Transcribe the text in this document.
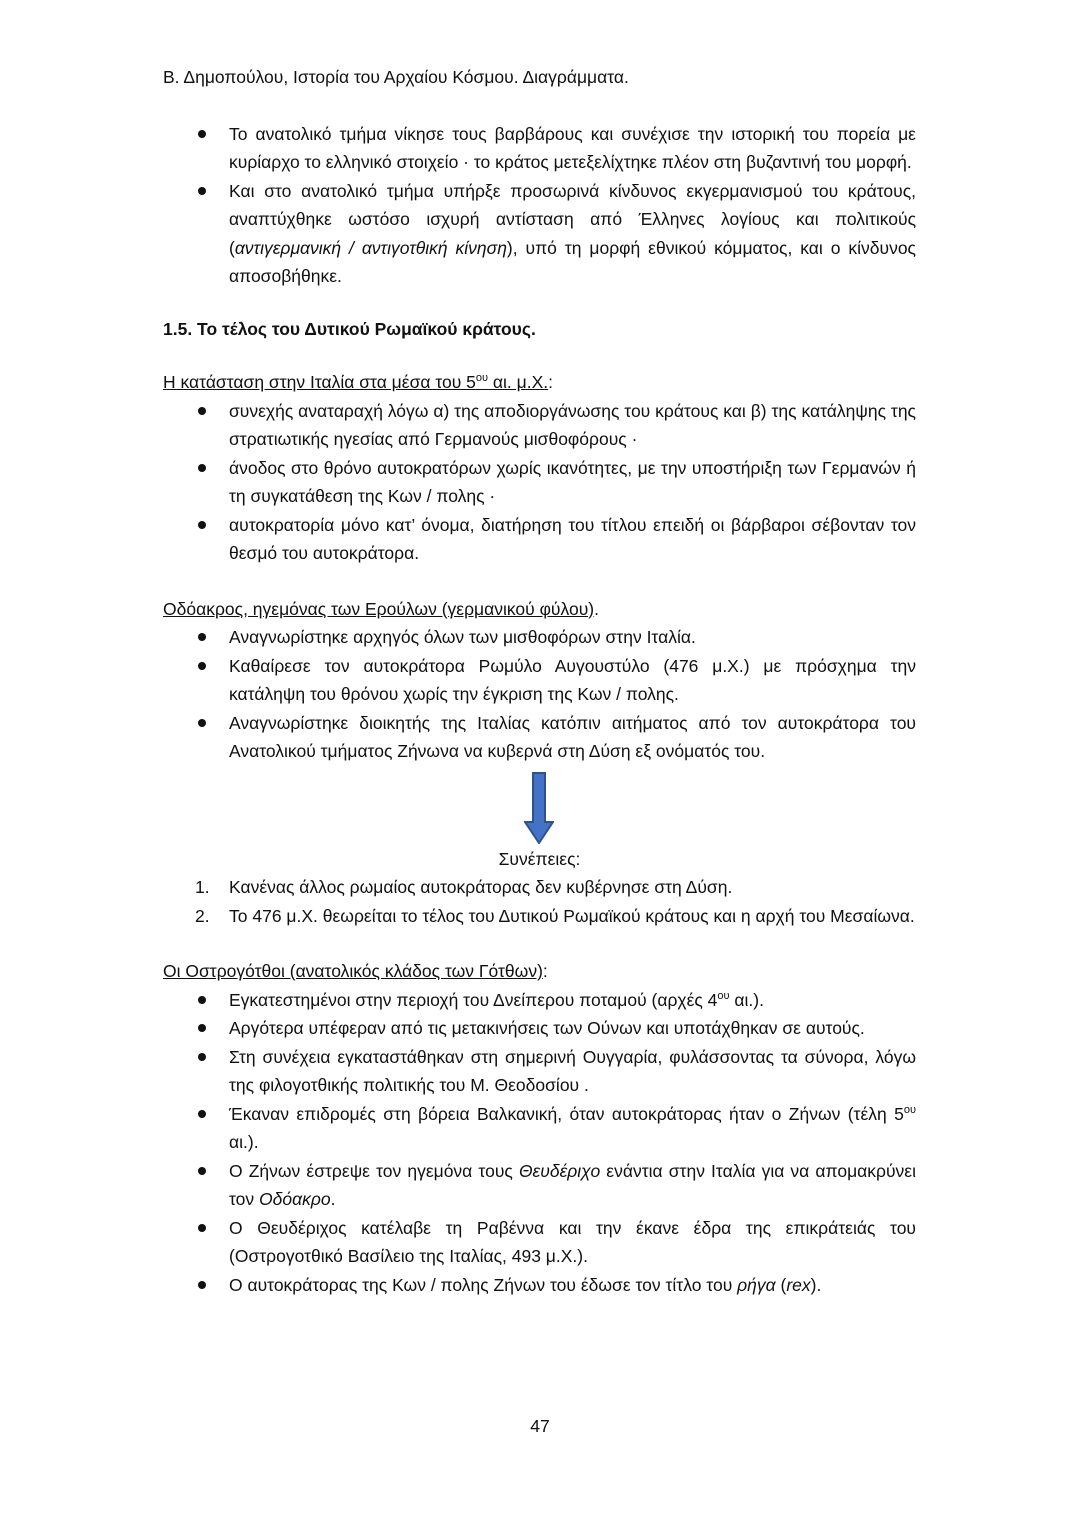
Β. Δημοπούλου, Ιστορία του Αρχαίου Κόσμου. Διαγράμματα.

Το ανατολικό τμήμα νίκησε τους βαρβάρους και συνέχισε την ιστορική του πορεία με κυρίαρχο το ελληνικό στοιχείο · το κράτος μετεξελίχτηκε πλέον στη βυζαντινή του μορφή.
Και στο ανατολικό τμήμα υπήρξε προσωρινά κίνδυνος εκγερμανισμού του κράτους, αναπτύχθηκε ωστόσο ισχυρή αντίσταση από Έλληνες λογίους και πολιτικούς (αντιγερμανική / αντιγοτθική κίνηση), υπό τη μορφή εθνικού κόμματος, και ο κίνδυνος αποσοβήθηκε.

1.5. Το τέλος του Δυτικού Ρωμαϊκού κράτους.

Η κατάσταση στην Ιταλία στα μέσα του $5^{o\upsilon}$ αι. μ.Χ.:

συνεχής αναταραχή λόγω α) της αποδιοργάνωσης του κράτους και β) της κατάληψης της στρατιωτικής ηγεσίας από Γερμανούς μισθοφόρους ·
άνοδος στο θρόνο αυτοκρατόρων χωρίς ικανότητες, με την υποστήριξη των Γερμανών ή τη συγκατάθεση της Κων / πολης ·
αυτοκρατορία μόνο κατ’ όνομα, διατήρηση του τίτλου επειδή οι βάρβαροι σέβονταν τον θεσμό του αυτοκράτορα.

Οδόακρος, ηγεμόνας των Ερούλων (γερμανικού φύλου).

Αναγνωρίστηκε αρχηγός όλων των μισθοφόρων στην Ιταλία.
Καθαίρεσε τον αυτοκράτορα Ρωμύλο Αυγουστύλο (476 μ.Χ.) με πρόσχημα την κατάληψη του θρόνου χωρίς την έγκριση της Κων / πολης.
Αναγνωρίστηκε διοικητής της Ιταλίας κατόπιν αιτήματος από τον αυτοκράτορα του Ανατολικού τμήματος Ζήνωνα να κυβερνά στη Δύση εξ ονόματός του.

Συνέπειες:

1. Κανένας άλλος ρωμαίος αυτοκράτορας δεν κυβέρνησε στη Δύση.
2. Το 476 μ.Χ. θεωρείται το τέλος του Δυτικού Ρωμαϊκού κράτους και η αρχή του Μεσαίωνα.

Οι Οστρογότθοι (ανατολικός κλάδος των Γότθων):

Εγκατεστημένοι στην περιοχή του Δνείπερου ποταμού (αρχές $4^{o\upsilon}$ αι.).
Αργότερα υπέφεραν από τις μετακινήσεις των Ούνων και υποτάχθηκαν σε αυτούς.
Στη συνέχεια εγκαταστάθηκαν στη σημερινή Ουγγαρία, φυλάσσοντας τα σύνορα, λόγω της φιλογοτθικής πολιτικής του Μ. Θεοδοσίου .
Έκαναν επιδρομές στη βόρεια Βαλκανική, όταν αυτοκράτορας ήταν ο Ζήνων (τέλη $5^{o\upsilon}$ αι.).
Ο Ζήνων έστρεψε τον ηγεμόνα τους Θευδέριχο ενάντια στην Ιταλία για να απομακρύνει τον Οδόακρο.
Ο Θευδέριχος κατέλαβε τη Ραβέννα και την έκανε έδρα της επικράτειάς του (Οστρογοτθικό Βασίλειο της Ιταλίας, 493 μ.Χ.).
Ο αυτοκράτορας της Κων / πολης Ζήνων του έδωσε τον τίτλο του ρήγα (rex).
47
